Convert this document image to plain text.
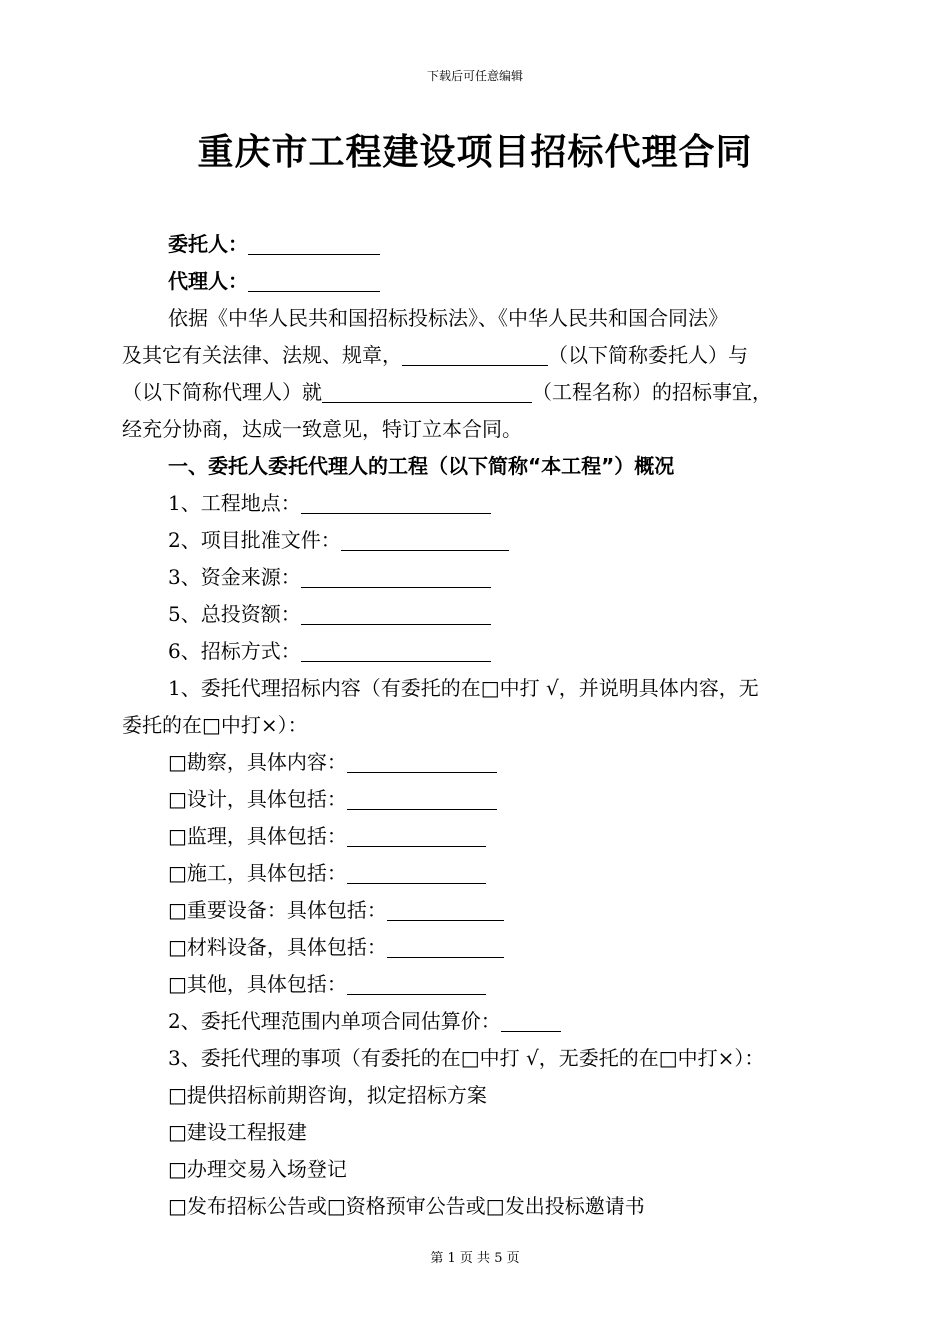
下载后可任意编辑
重庆市工程建设项目招标代理合同

委托人：

代理人：

依据《中华人民共和国招标投标法》、《中华人民共和国合同法》

及其它有关法律、法规、规章，	（以下简称委托人）与

（以下简称代理人）就	（工程名称）的招标事宜，

经充分协商，达成一致意见，特订立本合同。

一、委托人委托代理人的工程（以下简称“本工程”）概况

1、工程地点：

2、项目批准文件：

3、资金来源：

5、总投资额：

6、招标方式：

1、委托代理招标内容（有委托的在□中打 √，并说明具体内容，无

委托的在□中打×）：

□勘察，具体内容：

□设计，具体包括：

□监理，具体包括：

□施工，具体包括：

□重要设备：具体包括：

□材料设备，具体包括：

□其他，具体包括：

2、委托代理范围内单项合同估算价：

3、委托代理的事项（有委托的在□中打 √，无委托的在□中打×）：

□提供招标前期咨询，拟定招标方案

□建设工程报建

□办理交易入场登记

□发布招标公告或□资格预审公告或□发出投标邀请书

第 1 页 共 5 页
